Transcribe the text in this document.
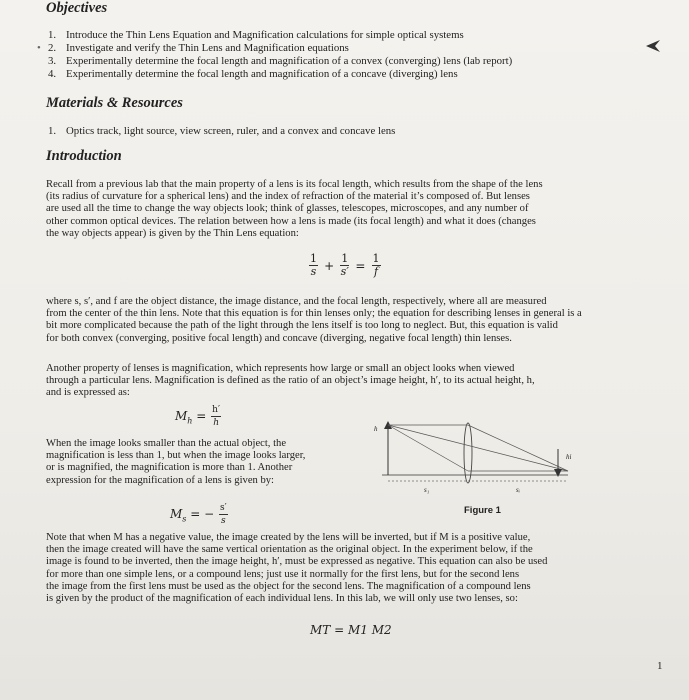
Objectives
1. Introduce the Thin Lens Equation and Magnification calculations for simple optical systems
• 2. Investigate and verify the Thin Lens and Magnification equations
3. Experimentally determine the focal length and magnification of a convex (converging) lens (lab report)
4. Experimentally determine the focal length and magnification of a concave (diverging) lens
Materials & Resources
1. Optics track, light source, view screen, ruler, and a convex and concave lens
Introduction
Recall from a previous lab that the main property of a lens is its focal length, which results from the shape of the lens
(its radius of curvature for a spherical lens) and the index of refraction of the material it’s composed of. But lenses
are used all the time to change the way objects look; think of glasses, telescopes, microscopes, and any number of
other common optical devices. The relation between how a lens is made (its focal length) and what it does (changes
the way objects appear) is given by the Thin Lens equation:
$\frac{1}{s} + \frac{1}{s'} = \frac{1}{f}$
where s, s′, and f are the object distance, the image distance, and the focal length, respectively, where all are measured
from the center of the thin lens. Note that this equation is for thin lenses only; the equation for describing lenses in general is a
bit more complicated because the path of the light through the lens itself is too long to neglect. But, this equation is valid
for both convex (converging, positive focal length) and concave (diverging, negative focal length) thin lenses.
Another property of lenses is magnification, which represents how large or small an object looks when viewed
through a particular lens. Magnification is defined as the ratio of an object’s image height, h′, to its actual height, h,
and is expressed as:
$M_h = \frac{h'}{h}$
When the image looks smaller than the actual object, the
magnification is less than 1, but when the image looks larger,
or is magnified, the magnification is more than 1. Another
expression for the magnification of a lens is given by:
$M_s$ = − $\frac{s'}{s}$
h
hi
s₁	sᵢ
Figure 1
Note that when M has a negative value, the image created by the lens will be inverted, but if M is a positive value,
then the image created will have the same vertical orientation as the original object. In the experiment below, if the
image is found to be inverted, then the image height, h′, must be expressed as negative. This equation can also be used
for more than one simple lens, or a compound lens; just use it normally for the first lens, but for the second lens
the image from the first lens must be used as the object for the second lens. The magnification of a compound lens
is given by the product of the magnification of each individual lens. In this lab, we will only use two lenses, so:
MT = M1 M2
1
